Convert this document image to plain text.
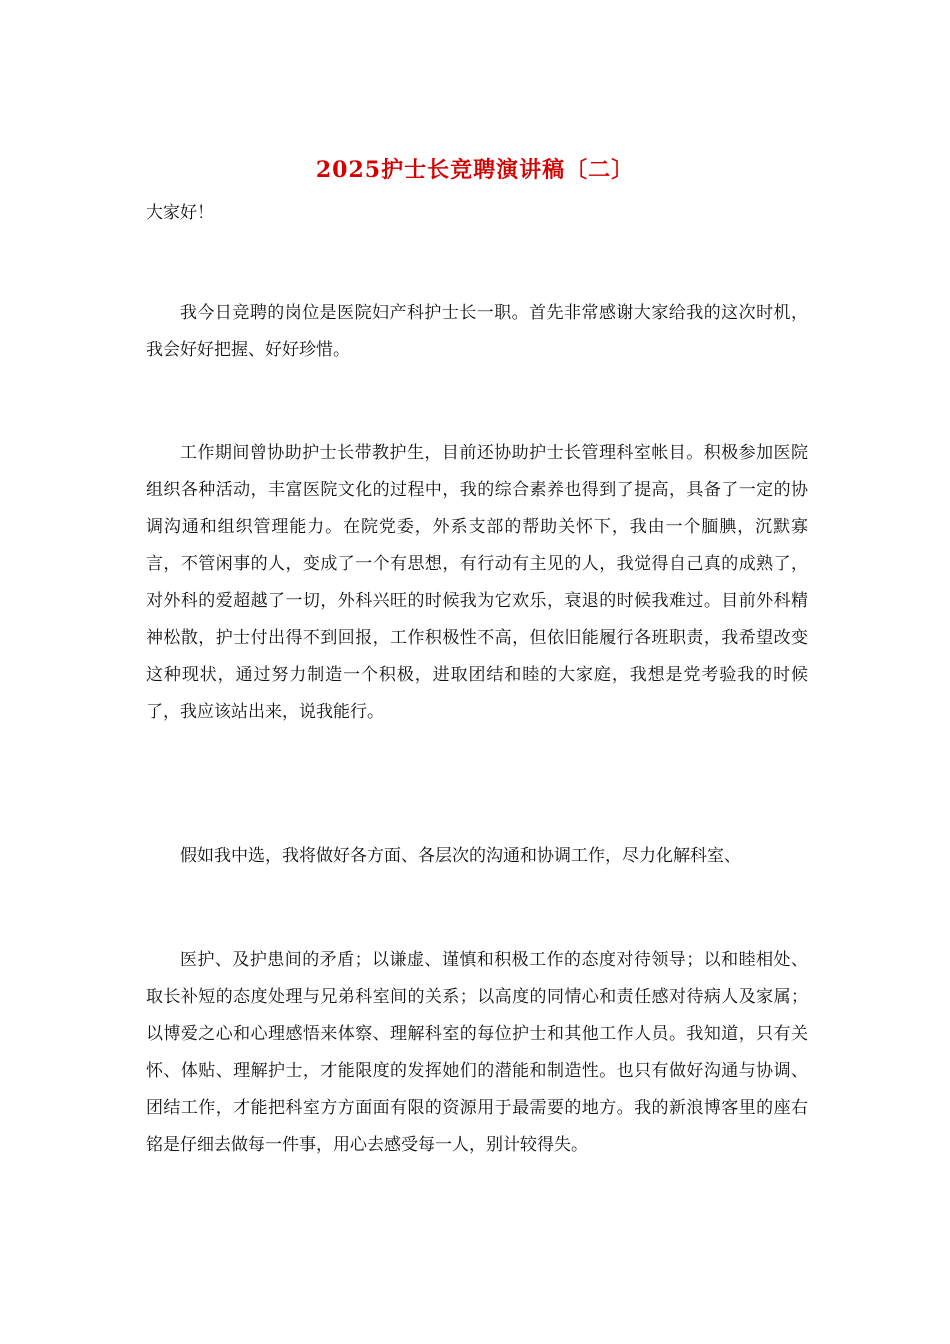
2025护士长竞聘演讲稿〔二〕
大家好！

我今日竞聘的岗位是医院妇产科护士长一职。首先非常感谢大家给我的这次时机，我会好好把握、好好珍惜。

工作期间曾协助护士长带教护生，目前还协助护士长管理科室帐目。积极参加医院组织各种活动，丰富医院文化的过程中，我的综合素养也得到了提高，具备了一定的协调沟通和组织管理能力。在院党委，外系支部的帮助关怀下，我由一个腼腆，沉默寡言，不管闲事的人，变成了一个有思想，有行动有主见的人，我觉得自己真的成熟了，对外科的爱超越了一切，外科兴旺的时候我为它欢乐，衰退的时候我难过。目前外科精神松散，护士付出得不到回报，工作积极性不高，但依旧能履行各班职责，我希望改变这种现状，通过努力制造一个积极，进取团结和睦的大家庭，我想是党考验我的时候了，我应该站出来，说我能行。

假如我中选，我将做好各方面、各层次的沟通和协调工作，尽力化解科室、

医护、及护患间的矛盾；以谦虚、谨慎和积极工作的态度对待领导；以和睦相处、取长补短的态度处理与兄弟科室间的关系；以高度的同情心和责任感对待病人及家属；以博爱之心和心理感悟来体察、理解科室的每位护士和其他工作人员。我知道，只有关怀、体贴、理解护士，才能限度的发挥她们的潜能和制造性。也只有做好沟通与协调、团结工作，才能把科室方方面面有限的资源用于最需要的地方。我的新浪博客里的座右铭是仔细去做每一件事，用心去感受每一人，别计较得失。
